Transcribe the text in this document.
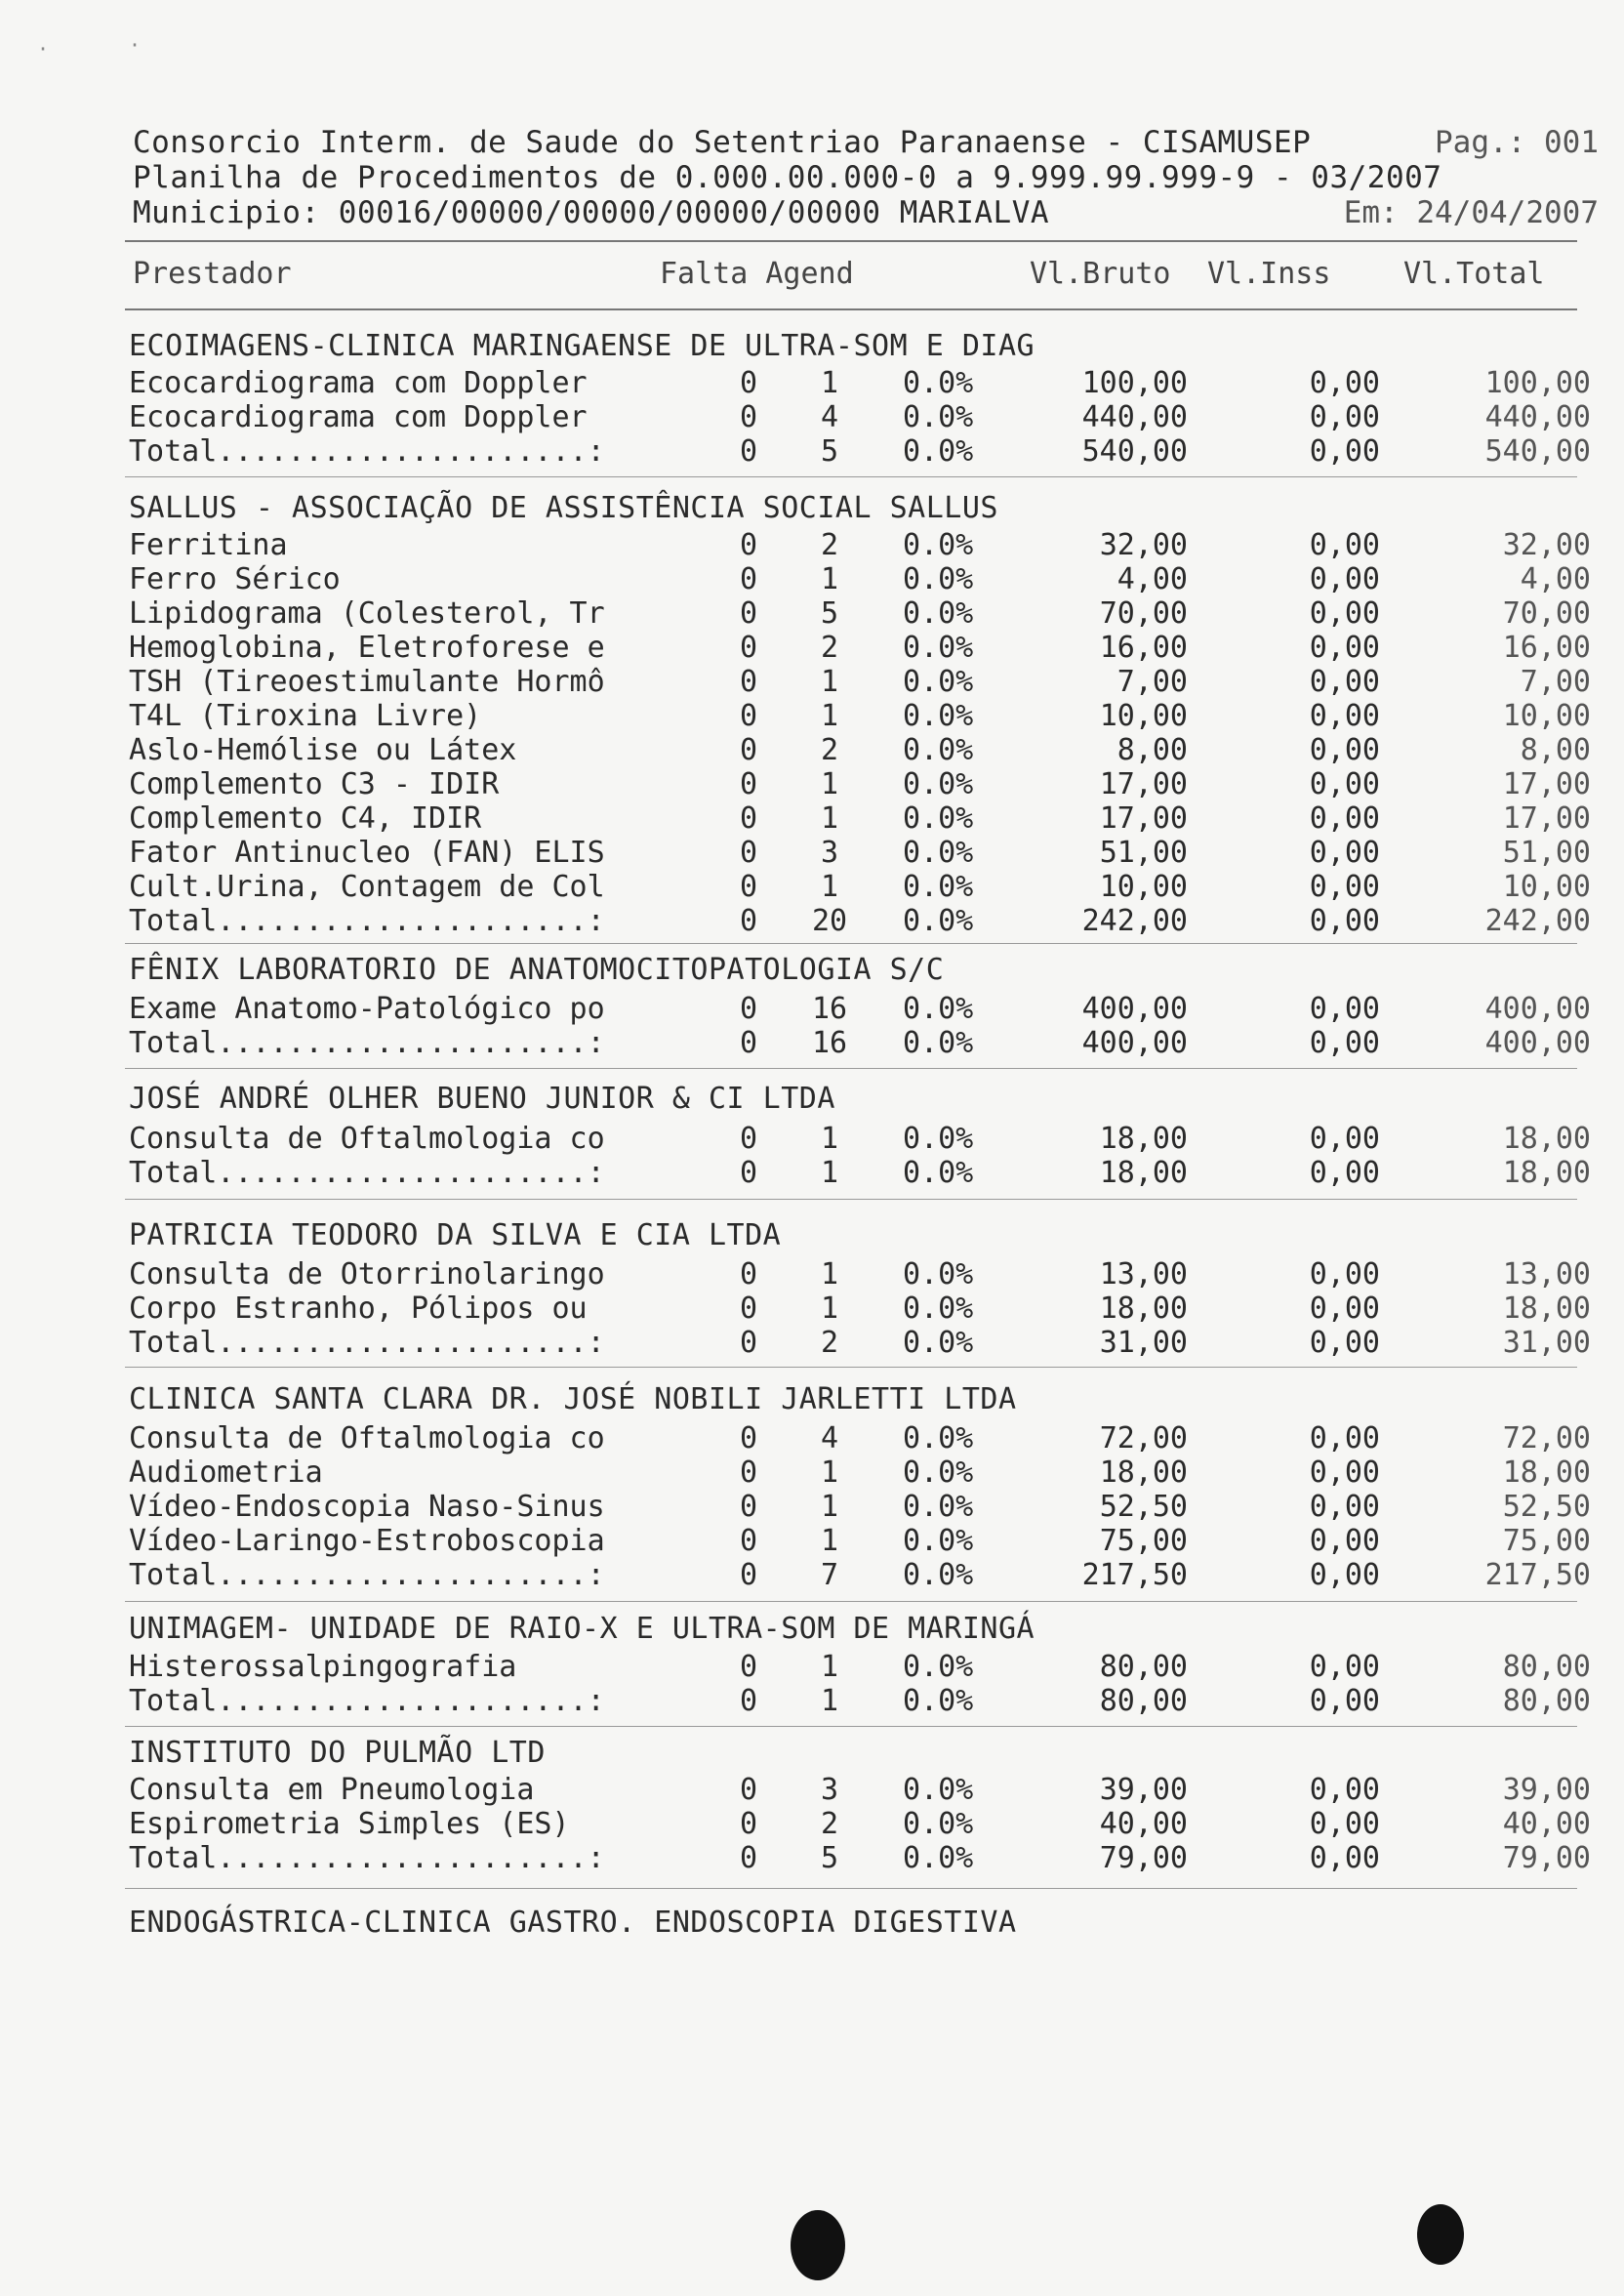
Consorcio Interm. de Saude do Setentriao Paranaense - CISAMUSEP	Pag.: 001
Planilha de Procedimentos de 0.000.00.000-0 a 9.999.99.999-9 - 03/2007
Municipio: 00016/00000/00000/00000/00000 MARIALVA	Em: 24/04/2007
Prestador	Falta Agend	Vl.Bruto Vl.Inss Vl.Total
ECOIMAGENS-CLINICA MARINGAENSE DE ULTRA-SOM E DIAG
Ecocardiograma com Doppler	0	1	0.0%	100,00	0,00	100,00
Ecocardiograma com Doppler	0	4	0.0%	440,00	0,00	440,00
Total.....................:	0	5	0.0%	540,00	0,00	540,00
SALLUS - ASSOCIAÇÃO DE ASSISTÊNCIA SOCIAL SALLUS
Ferritina	0	2	0.0%	32,00	0,00	32,00
Ferro Sérico	0	1	0.0%	4,00	0,00	4,00
Lipidograma (Colesterol, Tr	0	5	0.0%	70,00	0,00	70,00
Hemoglobina, Eletroforese e	0	2	0.0%	16,00	0,00	16,00
TSH (Tireoestimulante Hormô	0	1	0.0%	7,00	0,00	7,00
T4L (Tiroxina Livre)	0	1	0.0%	10,00	0,00	10,00
Aslo-Hemólise ou Látex	0	2	0.0%	8,00	0,00	8,00
Complemento C3 - IDIR	0	1	0.0%	17,00	0,00	17,00
Complemento C4, IDIR	0	1	0.0%	17,00	0,00	17,00
Fator Antinucleo (FAN) ELIS	0	3	0.0%	51,00	0,00	51,00
Cult.Urina, Contagem de Col	0	1	0.0%	10,00	0,00	10,00
Total.....................:	0	20	0.0%	242,00	0,00	242,00
FÊNIX LABORATORIO DE ANATOMOCITOPATOLOGIA S/C
Exame Anatomo-Patológico po	0	16	0.0%	400,00	0,00	400,00
Total.....................:	0	16	0.0%	400,00	0,00	400,00
JOSÉ ANDRÉ OLHER BUENO JUNIOR & CI LTDA
Consulta de Oftalmologia co	0	1	0.0%	18,00	0,00	18,00
Total.....................:	0	1	0.0%	18,00	0,00	18,00
PATRICIA TEODORO DA SILVA E CIA LTDA
Consulta de Otorrinolaringo	0	1	0.0%	13,00	0,00	13,00
Corpo Estranho, Pólipos ou	0	1	0.0%	18,00	0,00	18,00
Total.....................:	0	2	0.0%	31,00	0,00	31,00
CLINICA SANTA CLARA DR. JOSÉ NOBILI JARLETTI LTDA
Consulta de Oftalmologia co	0	4	0.0%	72,00	0,00	72,00
Audiometria	0	1	0.0%	18,00	0,00	18,00
Vídeo-Endoscopia Naso-Sinus	0	1	0.0%	52,50	0,00	52,50
Vídeo-Laringo-Estroboscopia	0	1	0.0%	75,00	0,00	75,00
Total.....................:	0	7	0.0%	217,50	0,00	217,50
UNIMAGEM- UNIDADE DE RAIO-X E ULTRA-SOM DE MARINGÁ
Histerossalpingografia	0	1	0.0%	80,00	0,00	80,00
Total.....................:	0	1	0.0%	80,00	0,00	80,00
INSTITUTO DO PULMÃO LTD
Consulta em Pneumologia	0	3	0.0%	39,00	0,00	39,00
Espirometria Simples (ES)	0	2	0.0%	40,00	0,00	40,00
Total.....................:	0	5	0.0%	79,00	0,00	79,00
ENDOGÁSTRICA-CLINICA GASTRO. ENDOSCOPIA DIGESTIVA
·	·
